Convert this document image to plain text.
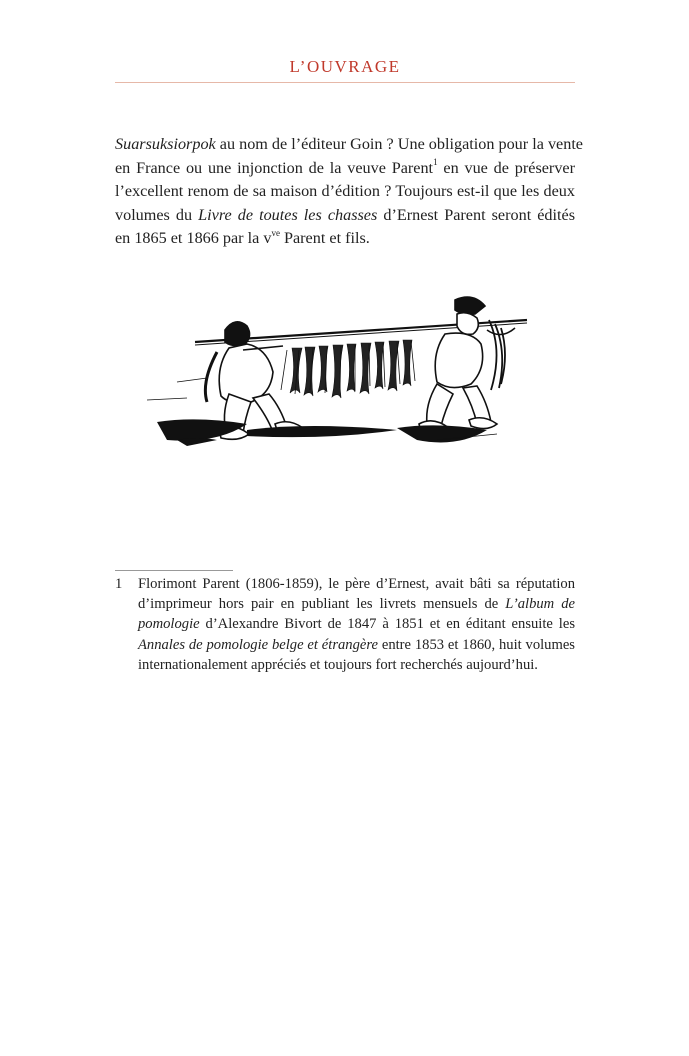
L’OUVRAGE
Suarsuksiorpok au nom de l’éditeur Goin ? Une obligation pour la vente
en France ou une injonction de la veuve Parent$^1$ en vue de préserver
l’excellent renom de sa maison d’édition ? Toujours est-il que les deux
volumes du Livre de toutes les chasses d’Ernest Parent seront édités
en 1865 et 1866 par la $v^{ve}$ Parent et fils.
1 Florimont Parent (1806-1859), le père d’Ernest, avait bâti sa réputation
d’imprimeur hors pair en publiant les livrets mensuels de L’album de
pomologie d’Alexandre Bivort de 1847 à 1851 et en éditant ensuite les
Annales de pomologie belge et étrangère entre 1853 et 1860, huit volumes
internationalement appréciés et toujours fort recherchés aujourd’hui.
